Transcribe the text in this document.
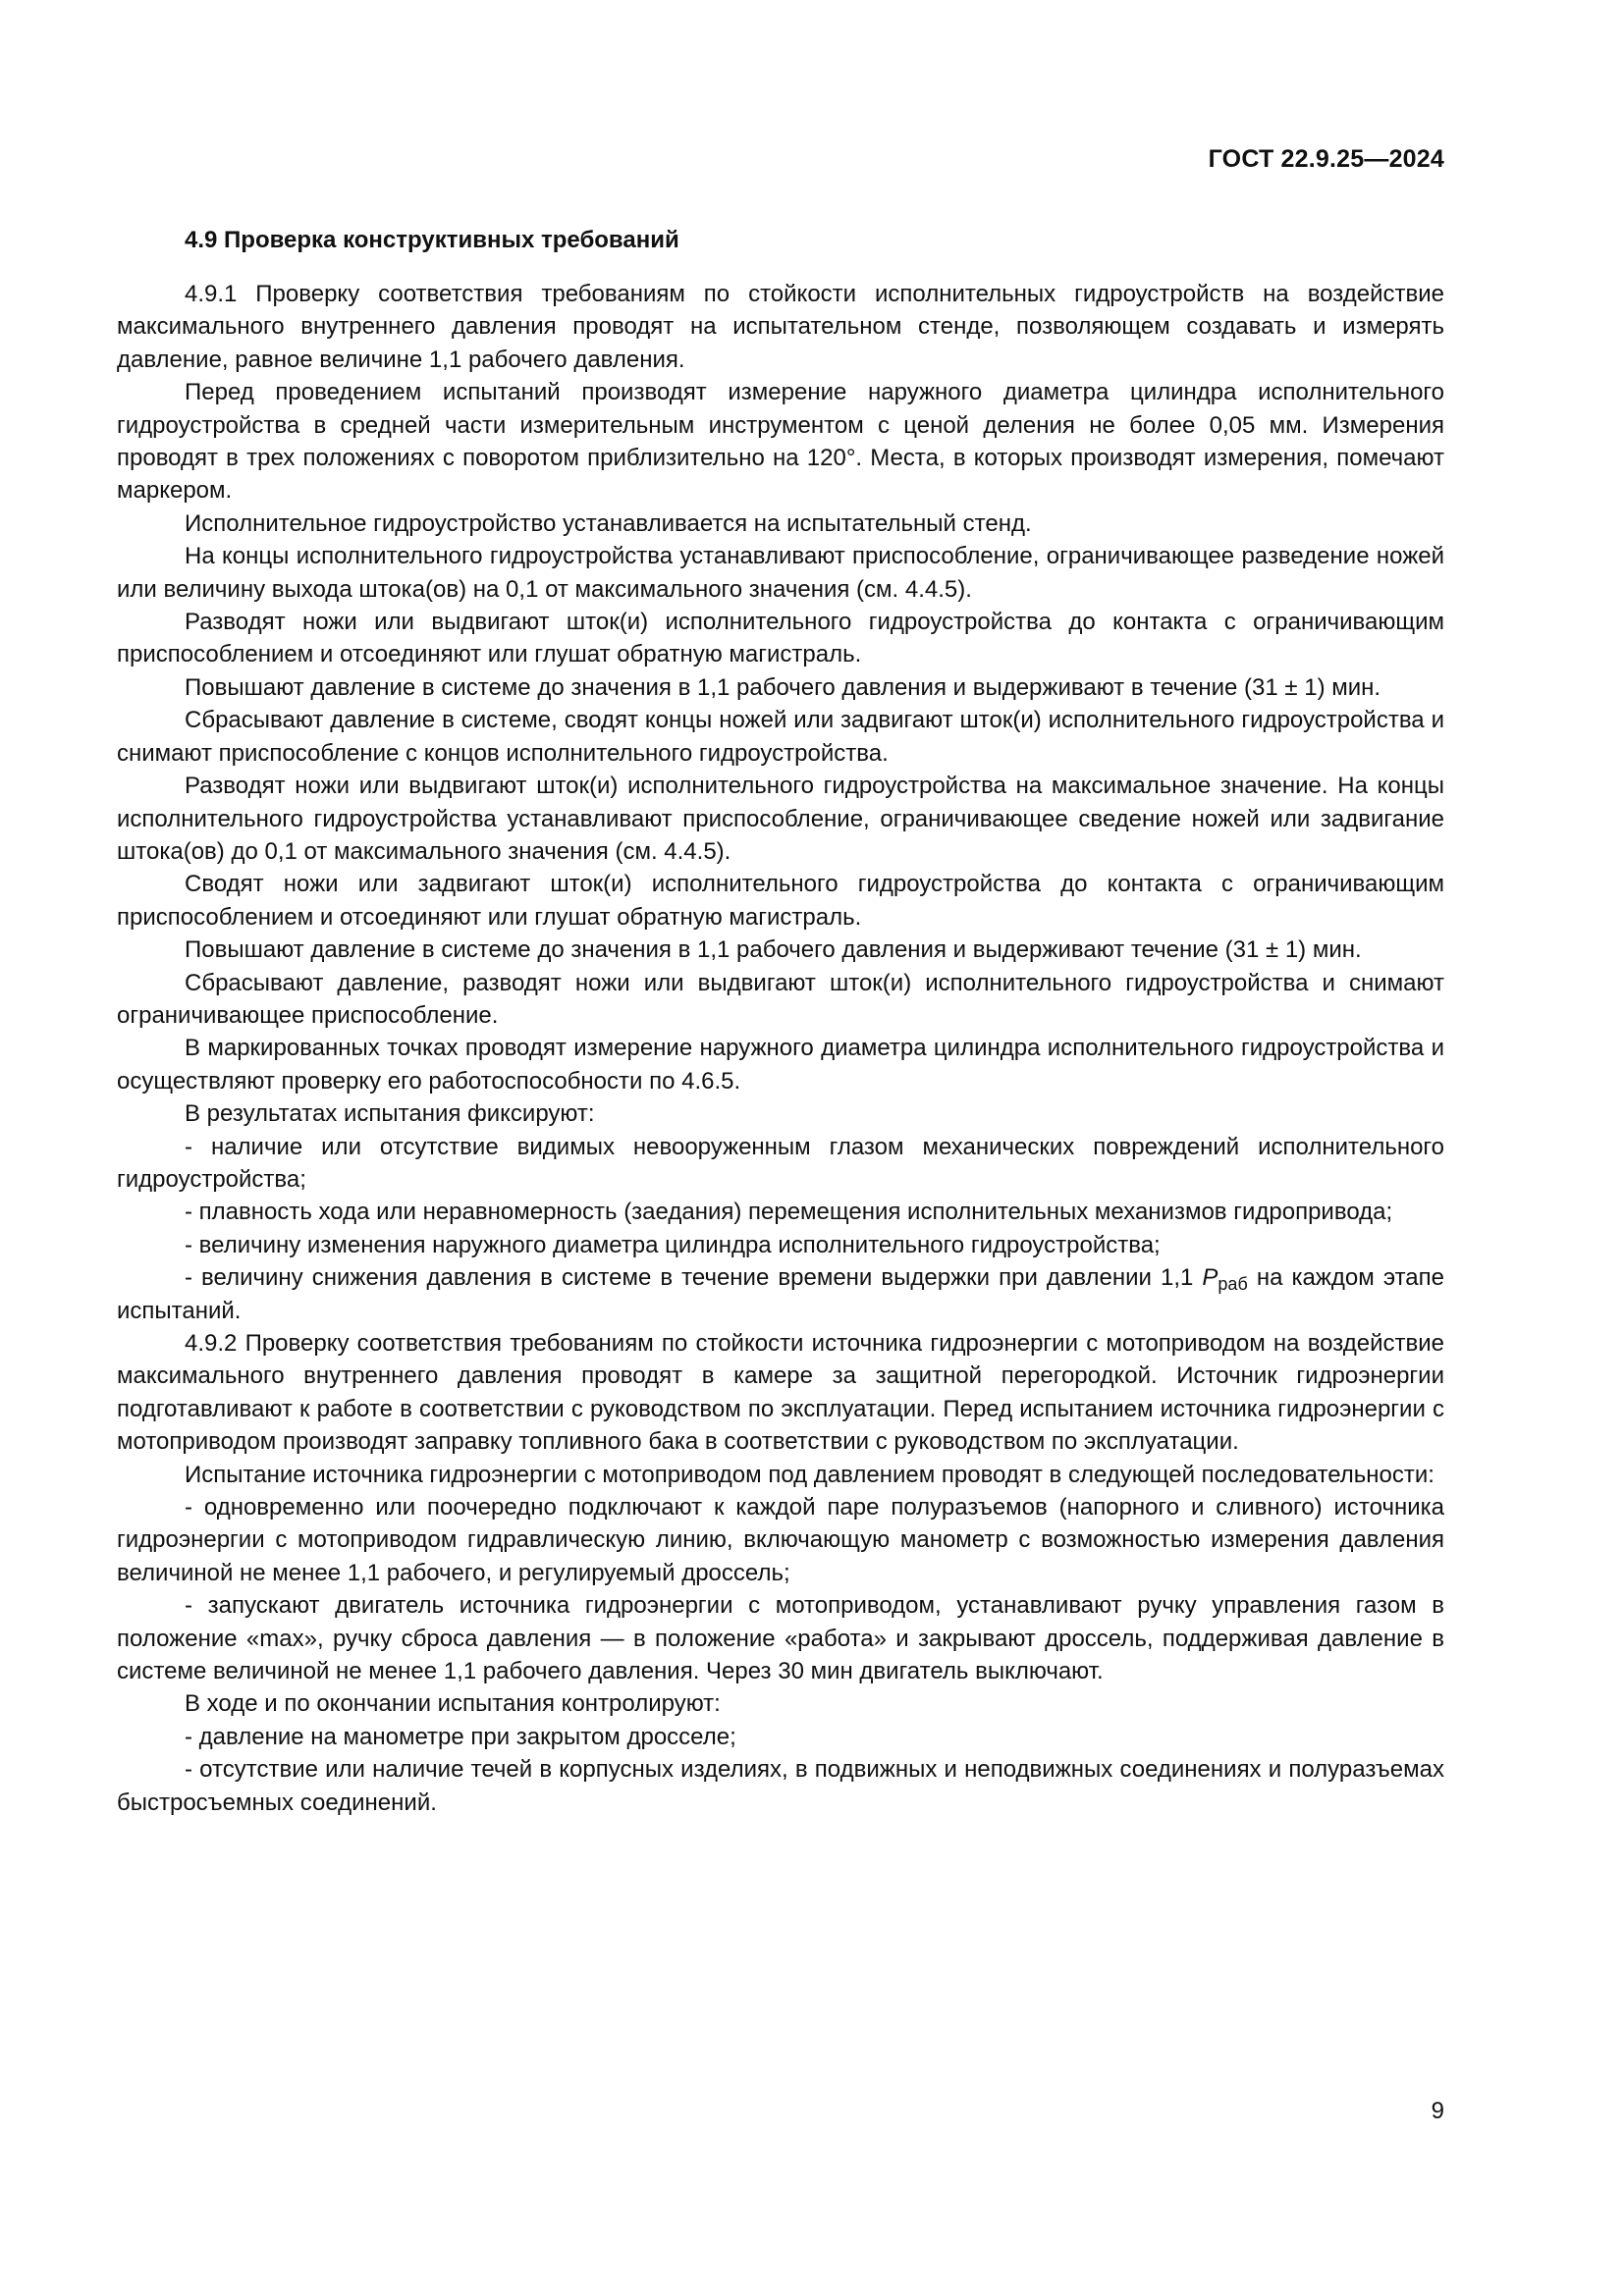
ГОСТ 22.9.25—2024
4.9 Проверка конструктивных требований

4.9.1 Проверку соответствия требованиям по стойкости исполнительных гидроустройств на воздействие максимального внутреннего давления проводят на испытательном стенде, позволяющем создавать и измерять давление, равное величине 1,1 рабочего давления.

Перед проведением испытаний производят измерение наружного диаметра цилиндра исполнительного гидроустройства в средней части измерительным инструментом с ценой деления не более 0,05 мм. Измерения проводят в трех положениях с поворотом приблизительно на 120°. Места, в которых производят измерения, помечают маркером.

Исполнительное гидроустройство устанавливается на испытательный стенд.

На концы исполнительного гидроустройства устанавливают приспособление, ограничивающее разведение ножей или величину выхода штока(ов) на 0,1 от максимального значения (см. 4.4.5).

Разводят ножи или выдвигают шток(и) исполнительного гидроустройства до контакта с ограничивающим приспособлением и отсоединяют или глушат обратную магистраль.

Повышают давление в системе до значения в 1,1 рабочего давления и выдерживают в течение (31 ± 1) мин.

Сбрасывают давление в системе, сводят концы ножей или задвигают шток(и) исполнительного гидроустройства и снимают приспособление с концов исполнительного гидроустройства.

Разводят ножи или выдвигают шток(и) исполнительного гидроустройства на максимальное значение. На концы исполнительного гидроустройства устанавливают приспособление, ограничивающее сведение ножей или задвигание штока(ов) до 0,1 от максимального значения (см. 4.4.5).

Сводят ножи или задвигают шток(и) исполнительного гидроустройства до контакта с ограничивающим приспособлением и отсоединяют или глушат обратную магистраль.

Повышают давление в системе до значения в 1,1 рабочего давления и выдерживают течение (31 ± 1) мин.

Сбрасывают давление, разводят ножи или выдвигают шток(и) исполнительного гидроустройства и снимают ограничивающее приспособление.

В маркированных точках проводят измерение наружного диаметра цилиндра исполнительного гидроустройства и осуществляют проверку его работоспособности по 4.6.5.

В результатах испытания фиксируют:

- наличие или отсутствие видимых невооруженным глазом механических повреждений исполнительного гидроустройства;

- плавность хода или неравномерность (заедания) перемещения исполнительных механизмов гидропривода;

- величину изменения наружного диаметра цилиндра исполнительного гидроустройства;

- величину снижения давления в системе в течение времени выдержки при давлении 1,1 $P_{раб}$ на каждом этапе испытаний.

4.9.2 Проверку соответствия требованиям по стойкости источника гидроэнергии с мотоприводом на воздействие максимального внутреннего давления проводят в камере за защитной перегородкой. Источник гидроэнергии подготавливают к работе в соответствии с руководством по эксплуатации. Перед испытанием источника гидроэнергии с мотоприводом производят заправку топливного бака в соответствии с руководством по эксплуатации.

Испытание источника гидроэнергии с мотоприводом под давлением проводят в следующей последовательности:

- одновременно или поочередно подключают к каждой паре полуразъемов (напорного и сливного) источника гидроэнергии с мотоприводом гидравлическую линию, включающую манометр с возможностью измерения давления величиной не менее 1,1 рабочего, и регулируемый дроссель;

- запускают двигатель источника гидроэнергии с мотоприводом, устанавливают ручку управления газом в положение «max», ручку сброса давления — в положение «работа» и закрывают дроссель, поддерживая давление в системе величиной не менее 1,1 рабочего давления. Через 30 мин двигатель выключают.

В ходе и по окончании испытания контролируют:

- давление на манометре при закрытом дросселе;

- отсутствие или наличие течей в корпусных изделиях, в подвижных и неподвижных соединениях и полуразъемах быстросъемных соединений.

9
